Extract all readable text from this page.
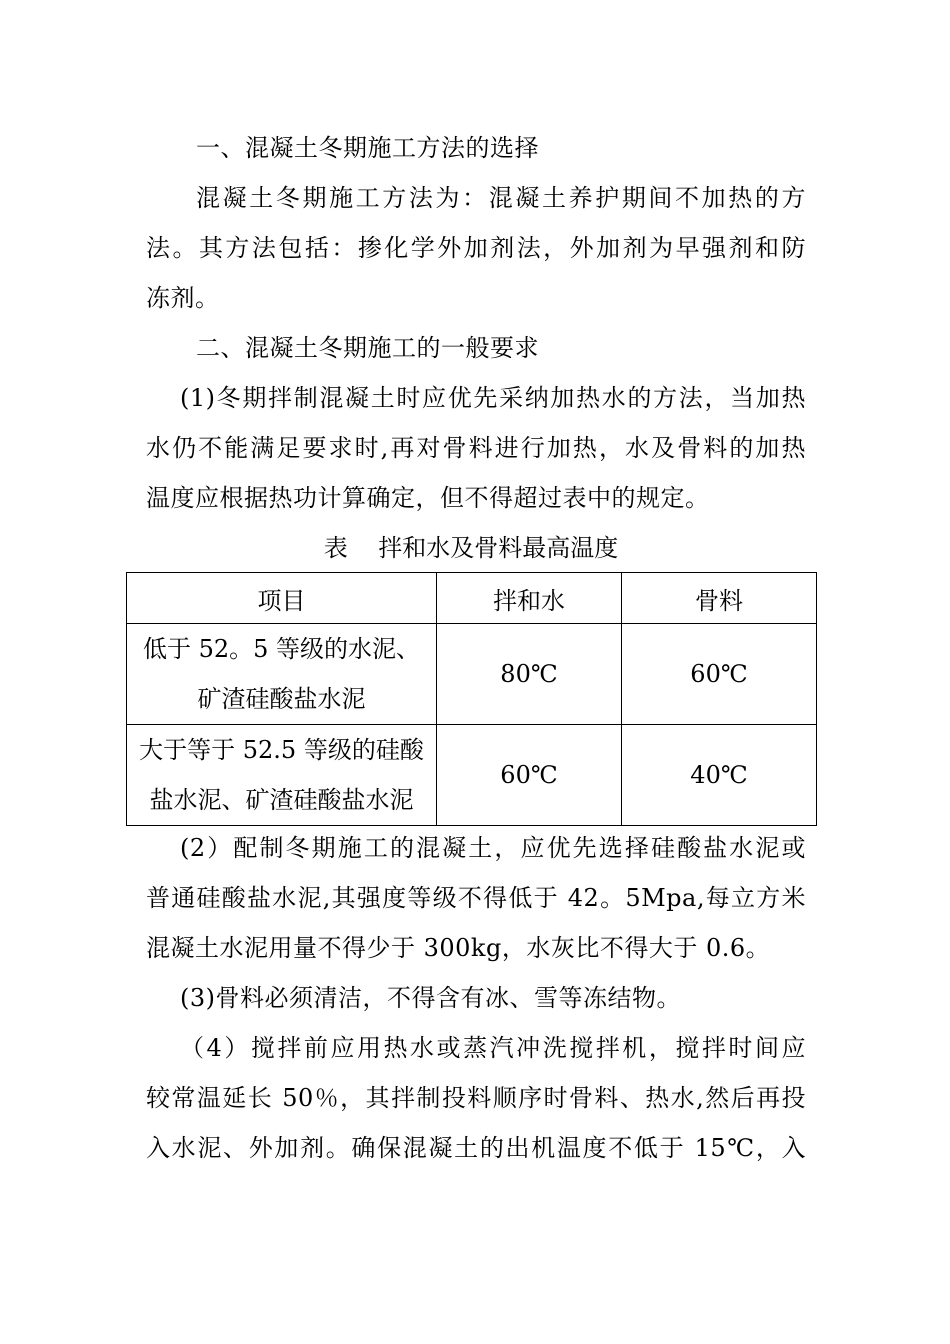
一、混凝土冬期施工方法的选择
混凝土冬期施工方法为：混凝土养护期间不加热的方
法。其方法包括：掺化学外加剂法，外加剂为早强剂和防
冻剂。
二、混凝土冬期施工的一般要求
(1)冬期拌制混凝土时应优先采纳加热水的方法，当加热
水仍不能满足要求时,再对骨料进行加热，水及骨料的加热
温度应根据热功计算确定，但不得超过表中的规定。
表    拌和水及骨料最高温度
项目	拌和水	骨料

低于 52。5 等级的水泥、
矿渣硅酸盐水泥	80℃	60℃

大于等于 52.5 等级的硅酸
盐水泥、矿渣硅酸盐水泥	60℃	40℃
(2）配制冬期施工的混凝土，应优先选择硅酸盐水泥或
普通硅酸盐水泥,其强度等级不得低于 42。5Mpa,每立方米
混凝土水泥用量不得少于 300kg，水灰比不得大于 0.6。
(3)骨料必须清洁，不得含有冰、雪等冻结物。
（4）搅拌前应用热水或蒸汽冲洗搅拌机，搅拌时间应
较常温延长 50％，其拌制投料顺序时骨料、热水,然后再投
入水泥、外加剂。确保混凝土的出机温度不低于 15℃，入
